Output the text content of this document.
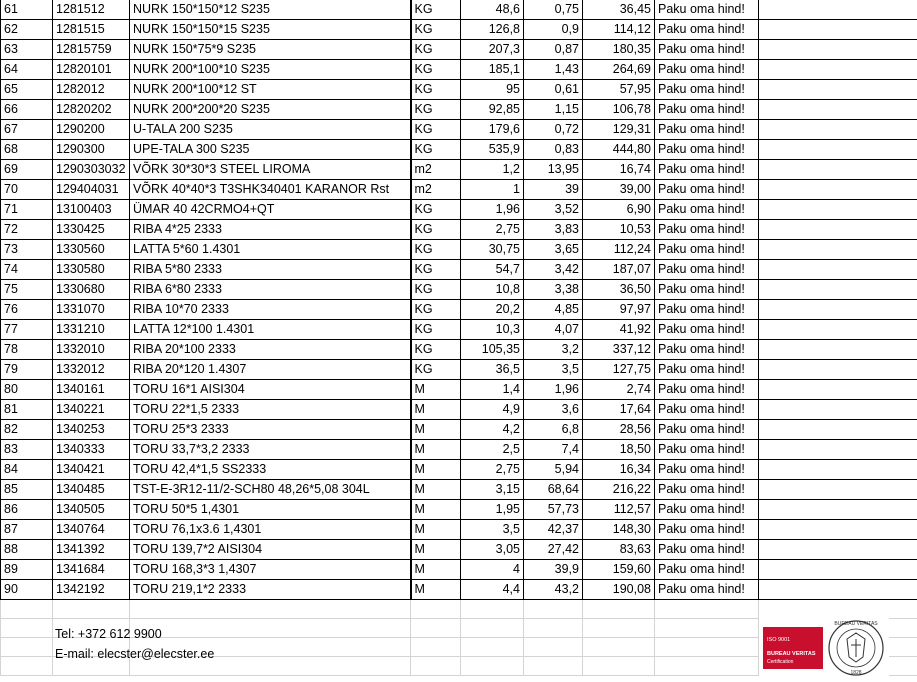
61	1281512	NURK 150*150*12 S235	KG	48,6	0,75	36,45	Paku oma hind!	
62	1281515	NURK 150*150*15 S235	KG	126,8	0,9	114,12	Paku oma hind!	
63	12815759	NURK 150*75*9 S235	KG	207,3	0,87	180,35	Paku oma hind!	
64	12820101	NURK 200*100*10 S235	KG	185,1	1,43	264,69	Paku oma hind!	
65	1282012	NURK 200*100*12 ST	KG	95	0,61	57,95	Paku oma hind!	
66	12820202	NURK 200*200*20 S235	KG	92,85	1,15	106,78	Paku oma hind!	
67	1290200	U-TALA 200 S235	KG	179,6	0,72	129,31	Paku oma hind!	
68	1290300	UPE-TALA 300 S235	KG	535,9	0,83	444,80	Paku oma hind!	
69	1290303032	VÕRK 30*30*3 STEEL LIROMA	m2	1,2	13,95	16,74	Paku oma hind!	
70	129404031	VÕRK 40*40*3 T3SHK340401 KARANOR Rst	m2	1	39	39,00	Paku oma hind!	
71	13100403	ÜMAR 40 42CRMO4+QT	KG	1,96	3,52	6,90	Paku oma hind!	
72	1330425	RIBA 4*25 2333	KG	2,75	3,83	10,53	Paku oma hind!	
73	1330560	LATTA 5*60 1.4301	KG	30,75	3,65	112,24	Paku oma hind!	
74	1330580	RIBA 5*80 2333	KG	54,7	3,42	187,07	Paku oma hind!	
75	1330680	RIBA 6*80 2333	KG	10,8	3,38	36,50	Paku oma hind!	
76	1331070	RIBA 10*70 2333	KG	20,2	4,85	97,97	Paku oma hind!	
77	1331210	LATTA 12*100 1.4301	KG	10,3	4,07	41,92	Paku oma hind!	
78	1332010	RIBA 20*100 2333	KG	105,35	3,2	337,12	Paku oma hind!	
79	1332012	RIBA 20*120 1.4307	KG	36,5	3,5	127,75	Paku oma hind!	
80	1340161	TORU 16*1 AISI304	M	1,4	1,96	2,74	Paku oma hind!	
81	1340221	TORU 22*1,5 2333	M	4,9	3,6	17,64	Paku oma hind!	
82	1340253	TORU 25*3 2333	M	4,2	6,8	28,56	Paku oma hind!	
83	1340333	TORU 33,7*3,2 2333	M	2,5	7,4	18,50	Paku oma hind!	
84	1340421	TORU 42,4*1,5 SS2333	M	2,75	5,94	16,34	Paku oma hind!	
85	1340485	TST-E-3R12-11/2-SCH80 48,26*5,08 304L	M	3,15	68,64	216,22	Paku oma hind!	
86	1340505	TORU 50*5 1,4301	M	1,95	57,73	112,57	Paku oma hind!	
87	1340764	TORU 76,1x3.6 1,4301	M	3,5	42,37	148,30	Paku oma hind!	
88	1341392	TORU 139,7*2 AISI304	M	3,05	27,42	83,63	Paku oma hind!	
89	1341684	TORU 168,3*3 1,4307	M	4	39,9	159,60	Paku oma hind!	
90	1342192	TORU 219,1*2 2333	M	4,4	43,2	190,08	Paku oma hind!	

Tel: +372 612 9900
E-mail: elecster@elecster.ee
ISO 9001
BUREAU VERITAS
Certification
1828
BUREAU VERITAS
